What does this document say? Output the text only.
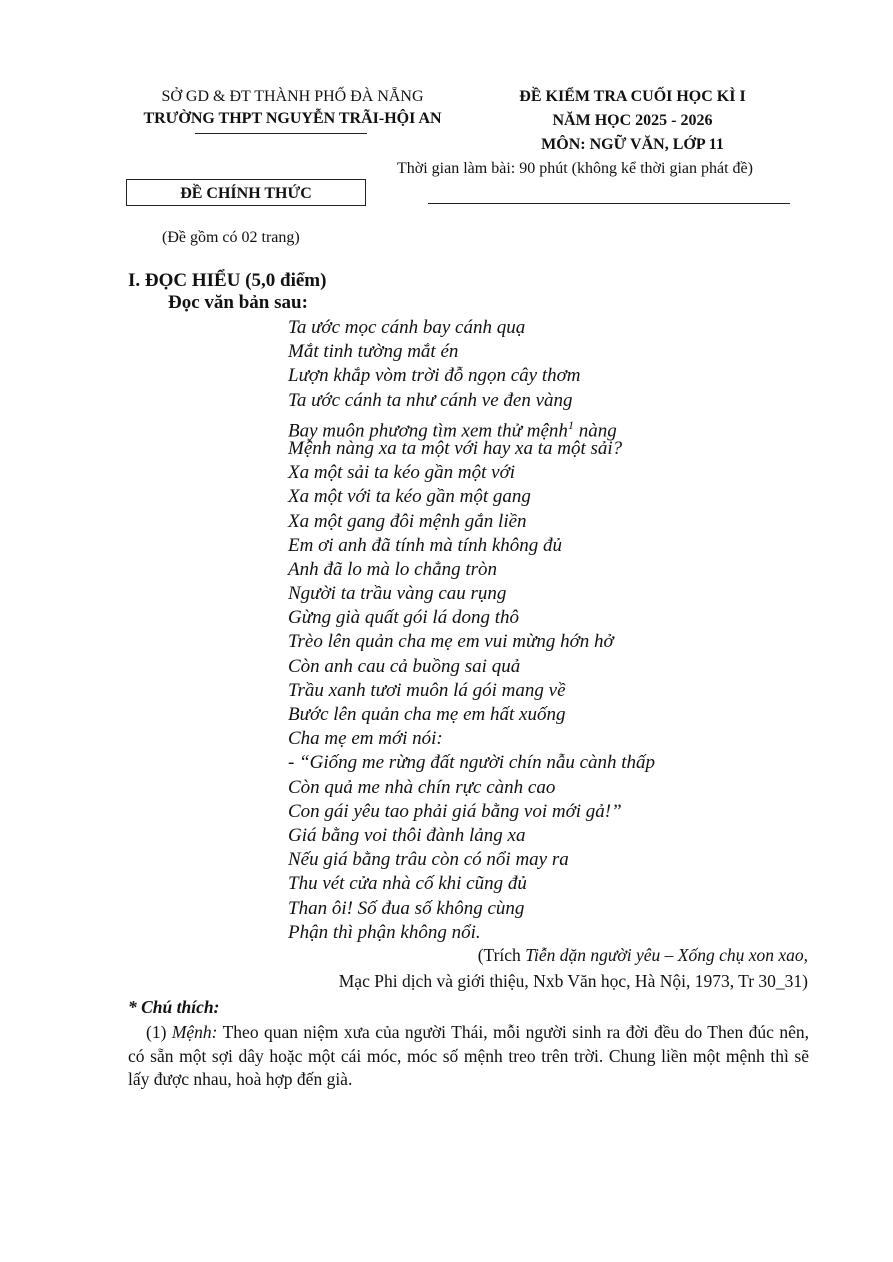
SỞ GD & ĐT THÀNH PHỐ ĐÀ NẴNG
TRƯỜNG THPT NGUYỄN TRÃI-HỘI AN
ĐỀ KIỂM TRA CUỐI HỌC KÌ I
NĂM HỌC 2025 - 2026
MÔN: NGỮ VĂN, LỚP 11
Thời gian làm bài: 90 phút (không kể thời gian phát đề)
ĐỀ CHÍNH THỨC
(Đề gồm có 02 trang)
I. ĐỌC HIỂU (5,0 điểm)
Đọc văn bản sau:
Ta ước mọc cánh bay cánh quạ
Mắt tinh tường mắt én
Lượn khắp vòm trời đỗ ngọn cây thơm
Ta ước cánh ta như cánh ve đen vàng
Bay muôn phương tìm xem thử mệnh$^1$ nàng
Mệnh nàng xa ta một với hay xa ta một sải?
Xa một sải ta kéo gần một với
Xa một với ta kéo gần một gang
Xa một gang đôi mệnh gắn liền
Em ơi anh đã tính mà tính không đủ
Anh đã lo mà lo chẳng tròn
Người ta trầu vàng cau rụng
Gừng già quất gói lá dong thô
Trèo lên quản cha mẹ em vui mừng hớn hở
Còn anh cau cả buồng sai quả
Trầu xanh tươi muôn lá gói mang về
Bước lên quản cha mẹ em hất xuống
Cha mẹ em mới nói:
- “Giống me rừng đất người chín nẫu cành thấp
Còn quả me nhà chín rực cành cao
Con gái yêu tao phải giá bằng voi mới gả!”
Giá bằng voi thôi đành lảng xa
Nếu giá bằng trâu còn có nổi may ra
Thu vét cửa nhà cố khi cũng đủ
Than ôi! Số đua số không cùng
Phận thì phận không nổi.
(Trích Tiễn dặn người yêu – Xống chụ xon xao,
Mạc Phi dịch và giới thiệu, Nxb Văn học, Hà Nội, 1973, Tr 30_31)
* Chú thích:
(1) Mệnh: Theo quan niệm xưa của người Thái, mỗi người sinh ra đời đều do Then đúc nên, có sẵn một sợi dây hoặc một cái móc, móc số mệnh treo trên trời. Chung liền một mệnh thì sẽ lấy được nhau, hoà hợp đến già.
